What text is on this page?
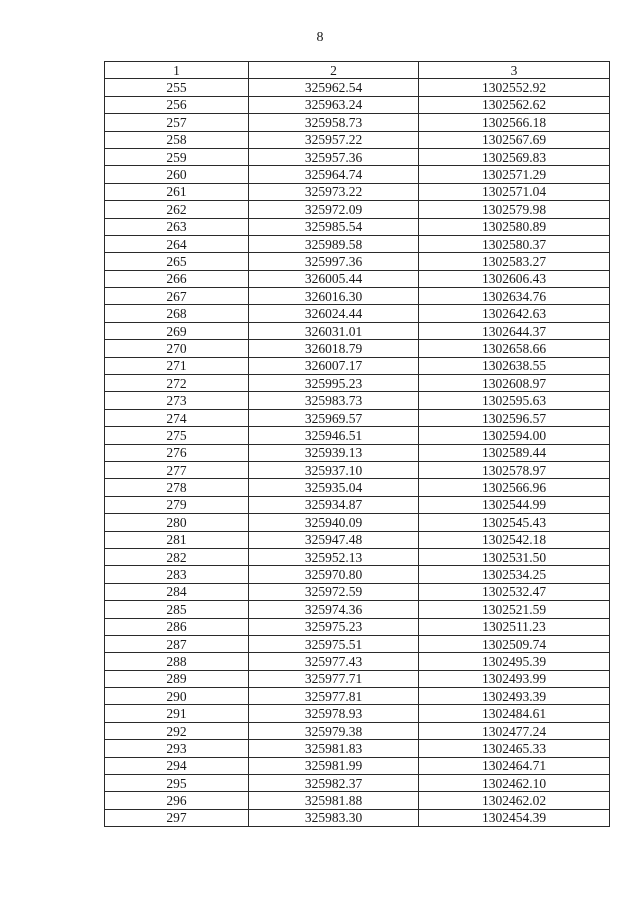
8
1	2	3
255	325962.54	1302552.92
256	325963.24	1302562.62
257	325958.73	1302566.18
258	325957.22	1302567.69
259	325957.36	1302569.83
260	325964.74	1302571.29
261	325973.22	1302571.04
262	325972.09	1302579.98
263	325985.54	1302580.89
264	325989.58	1302580.37
265	325997.36	1302583.27
266	326005.44	1302606.43
267	326016.30	1302634.76
268	326024.44	1302642.63
269	326031.01	1302644.37
270	326018.79	1302658.66
271	326007.17	1302638.55
272	325995.23	1302608.97
273	325983.73	1302595.63
274	325969.57	1302596.57
275	325946.51	1302594.00
276	325939.13	1302589.44
277	325937.10	1302578.97
278	325935.04	1302566.96
279	325934.87	1302544.99
280	325940.09	1302545.43
281	325947.48	1302542.18
282	325952.13	1302531.50
283	325970.80	1302534.25
284	325972.59	1302532.47
285	325974.36	1302521.59
286	325975.23	1302511.23
287	325975.51	1302509.74
288	325977.43	1302495.39
289	325977.71	1302493.99
290	325977.81	1302493.39
291	325978.93	1302484.61
292	325979.38	1302477.24
293	325981.83	1302465.33
294	325981.99	1302464.71
295	325982.37	1302462.10
296	325981.88	1302462.02
297	325983.30	1302454.39
